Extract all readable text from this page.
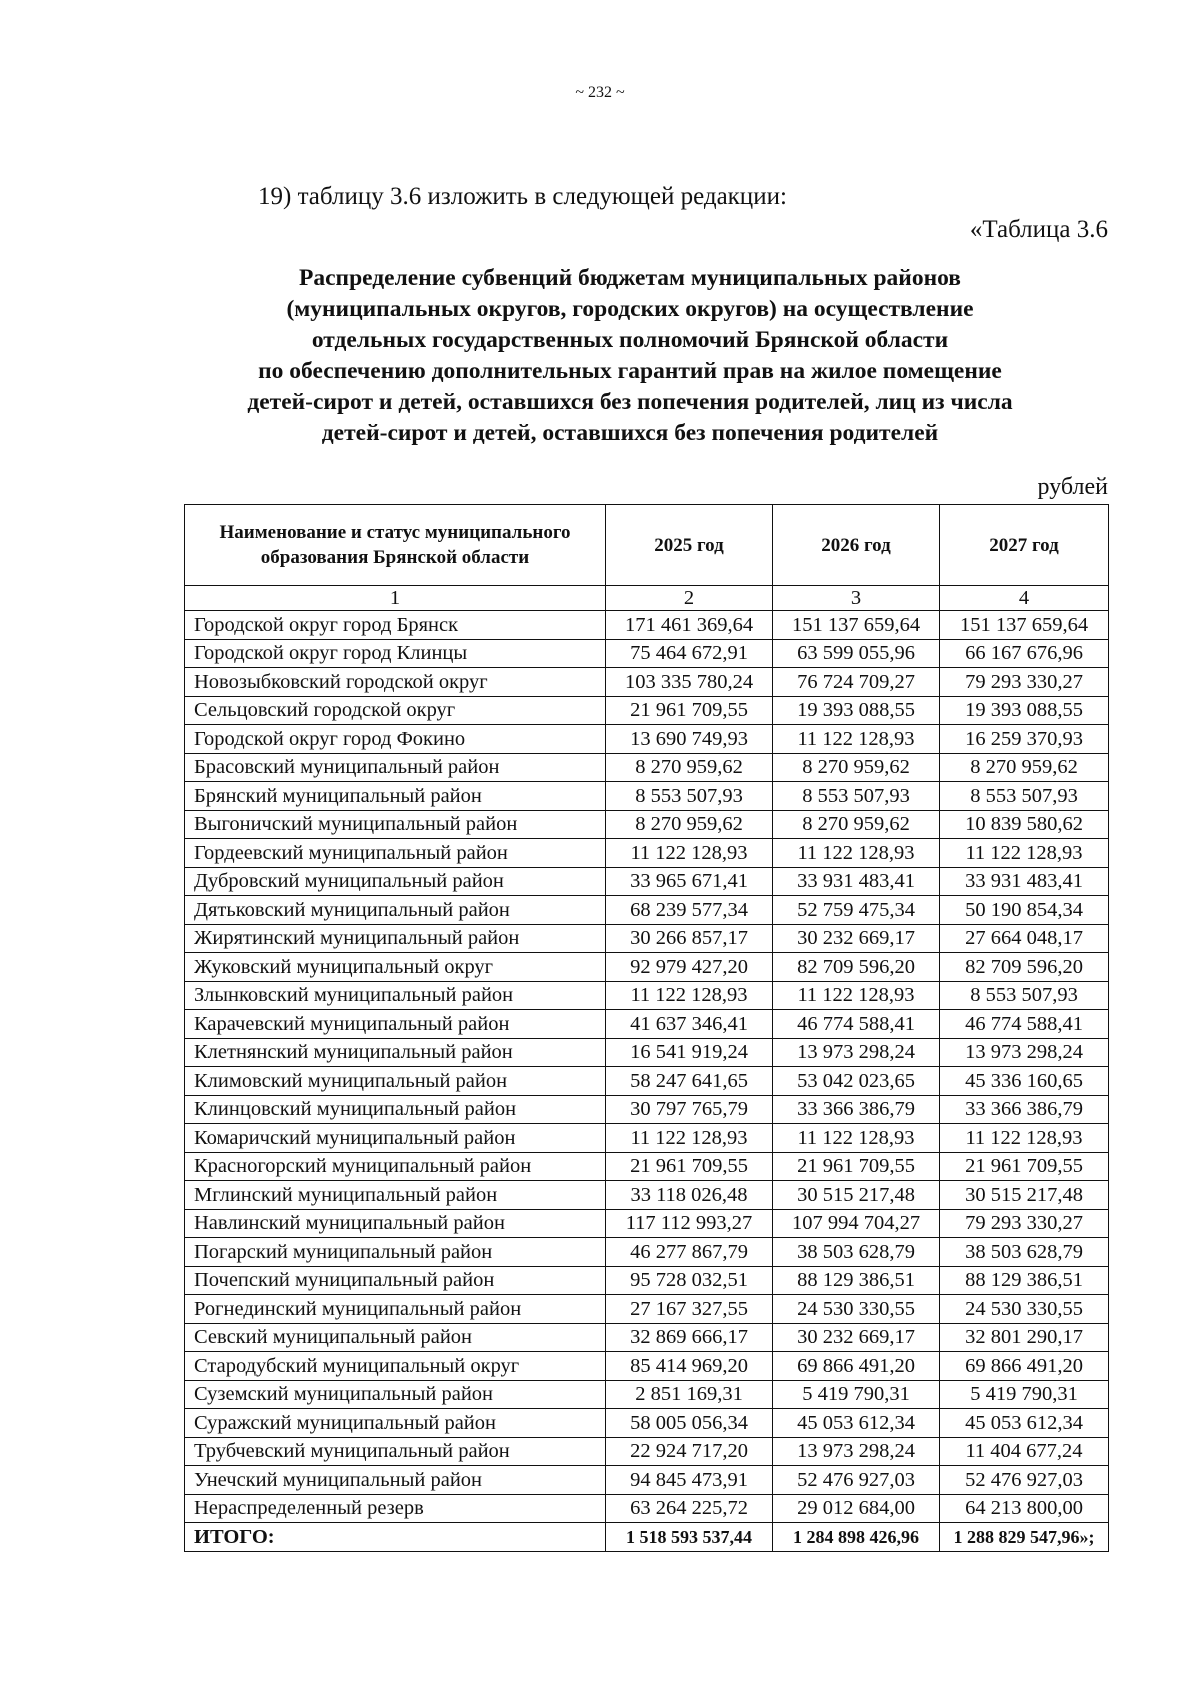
~ 232 ~
19) таблицу 3.6 изложить в следующей редакции:
«Таблица 3.6
Распределение субвенций бюджетам муниципальных районов
(муниципальных округов, городских округов) на осуществление
отдельных государственных полномочий Брянской области
по обеспечению дополнительных гарантий прав на жилое помещение
детей-сирот и детей, оставшихся без попечения родителей, лиц из числа
детей-сирот и детей, оставшихся без попечения родителей
рублей
Наименование и статус муниципального образования Брянской области	2025 год	2026 год	2027 год
1	2	3	4
Городской округ город Брянск	171 461 369,64	151 137 659,64	151 137 659,64
Городской округ город Клинцы	75 464 672,91	63 599 055,96	66 167 676,96
Новозыбковский городской округ	103 335 780,24	76 724 709,27	79 293 330,27
Сельцовский городской округ	21 961 709,55	19 393 088,55	19 393 088,55
Городской округ город Фокино	13 690 749,93	11 122 128,93	16 259 370,93
Брасовский муниципальный район	8 270 959,62	8 270 959,62	8 270 959,62
Брянский муниципальный район	8 553 507,93	8 553 507,93	8 553 507,93
Выгоничский муниципальный район	8 270 959,62	8 270 959,62	10 839 580,62
Гордеевский муниципальный район	11 122 128,93	11 122 128,93	11 122 128,93
Дубровский муниципальный район	33 965 671,41	33 931 483,41	33 931 483,41
Дятьковский муниципальный район	68 239 577,34	52 759 475,34	50 190 854,34
Жирятинский муниципальный район	30 266 857,17	30 232 669,17	27 664 048,17
Жуковский муниципальный округ	92 979 427,20	82 709 596,20	82 709 596,20
Злынковский муниципальный район	11 122 128,93	11 122 128,93	8 553 507,93
Карачевский муниципальный район	41 637 346,41	46 774 588,41	46 774 588,41
Клетнянский муниципальный район	16 541 919,24	13 973 298,24	13 973 298,24
Климовский муниципальный район	58 247 641,65	53 042 023,65	45 336 160,65
Клинцовский муниципальный район	30 797 765,79	33 366 386,79	33 366 386,79
Комаричский муниципальный район	11 122 128,93	11 122 128,93	11 122 128,93
Красногорский муниципальный район	21 961 709,55	21 961 709,55	21 961 709,55
Мглинский муниципальный район	33 118 026,48	30 515 217,48	30 515 217,48
Навлинский муниципальный район	117 112 993,27	107 994 704,27	79 293 330,27
Погарский муниципальный район	46 277 867,79	38 503 628,79	38 503 628,79
Почепский муниципальный район	95 728 032,51	88 129 386,51	88 129 386,51
Рогнединский муниципальный район	27 167 327,55	24 530 330,55	24 530 330,55
Севский муниципальный район	32 869 666,17	30 232 669,17	32 801 290,17
Стародубский муниципальный округ	85 414 969,20	69 866 491,20	69 866 491,20
Суземский муниципальный район	2 851 169,31	5 419 790,31	5 419 790,31
Суражский муниципальный район	58 005 056,34	45 053 612,34	45 053 612,34
Трубчевский муниципальный район	22 924 717,20	13 973 298,24	11 404 677,24
Унечский муниципальный район	94 845 473,91	52 476 927,03	52 476 927,03
Нераспределенный резерв	63 264 225,72	29 012 684,00	64 213 800,00
ИТОГО:	1 518 593 537,44	1 284 898 426,96	1 288 829 547,96»;
